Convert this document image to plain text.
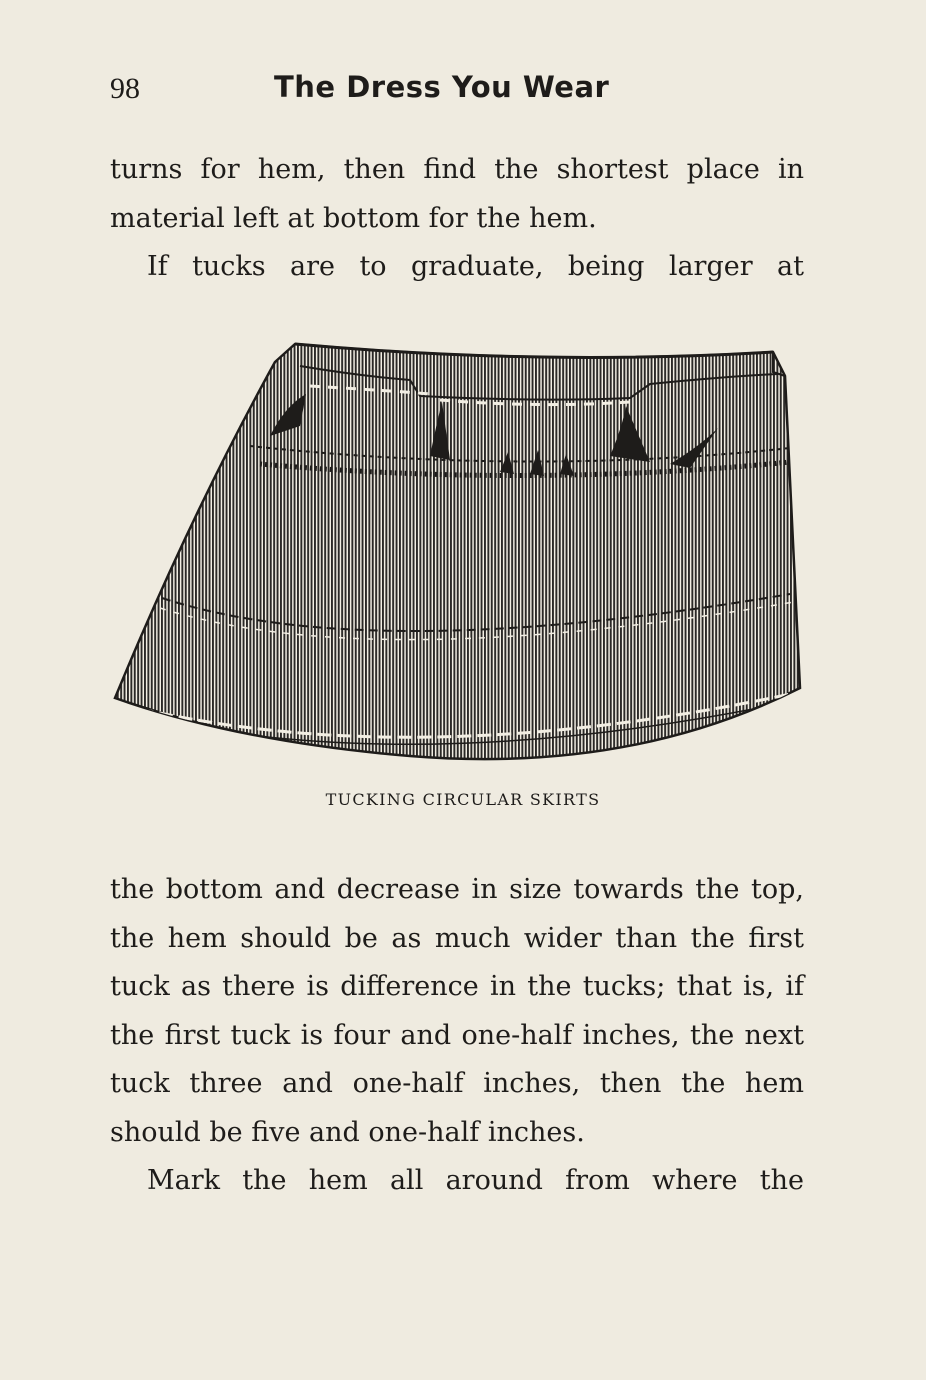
98	The Dress You Wear

turns for hem, then find the shortest place in material left at bottom for the hem.

If tucks are to graduate, being larger at

TUCKING CIRCULAR SKIRTS

the bottom and decrease in size towards the top, the hem should be as much wider than the first tuck as there is difference in the tucks; that is, if the first tuck is four and one-half inches, the next tuck three and one-half inches, then the hem should be five and one-half inches.

Mark the hem all around from where the
